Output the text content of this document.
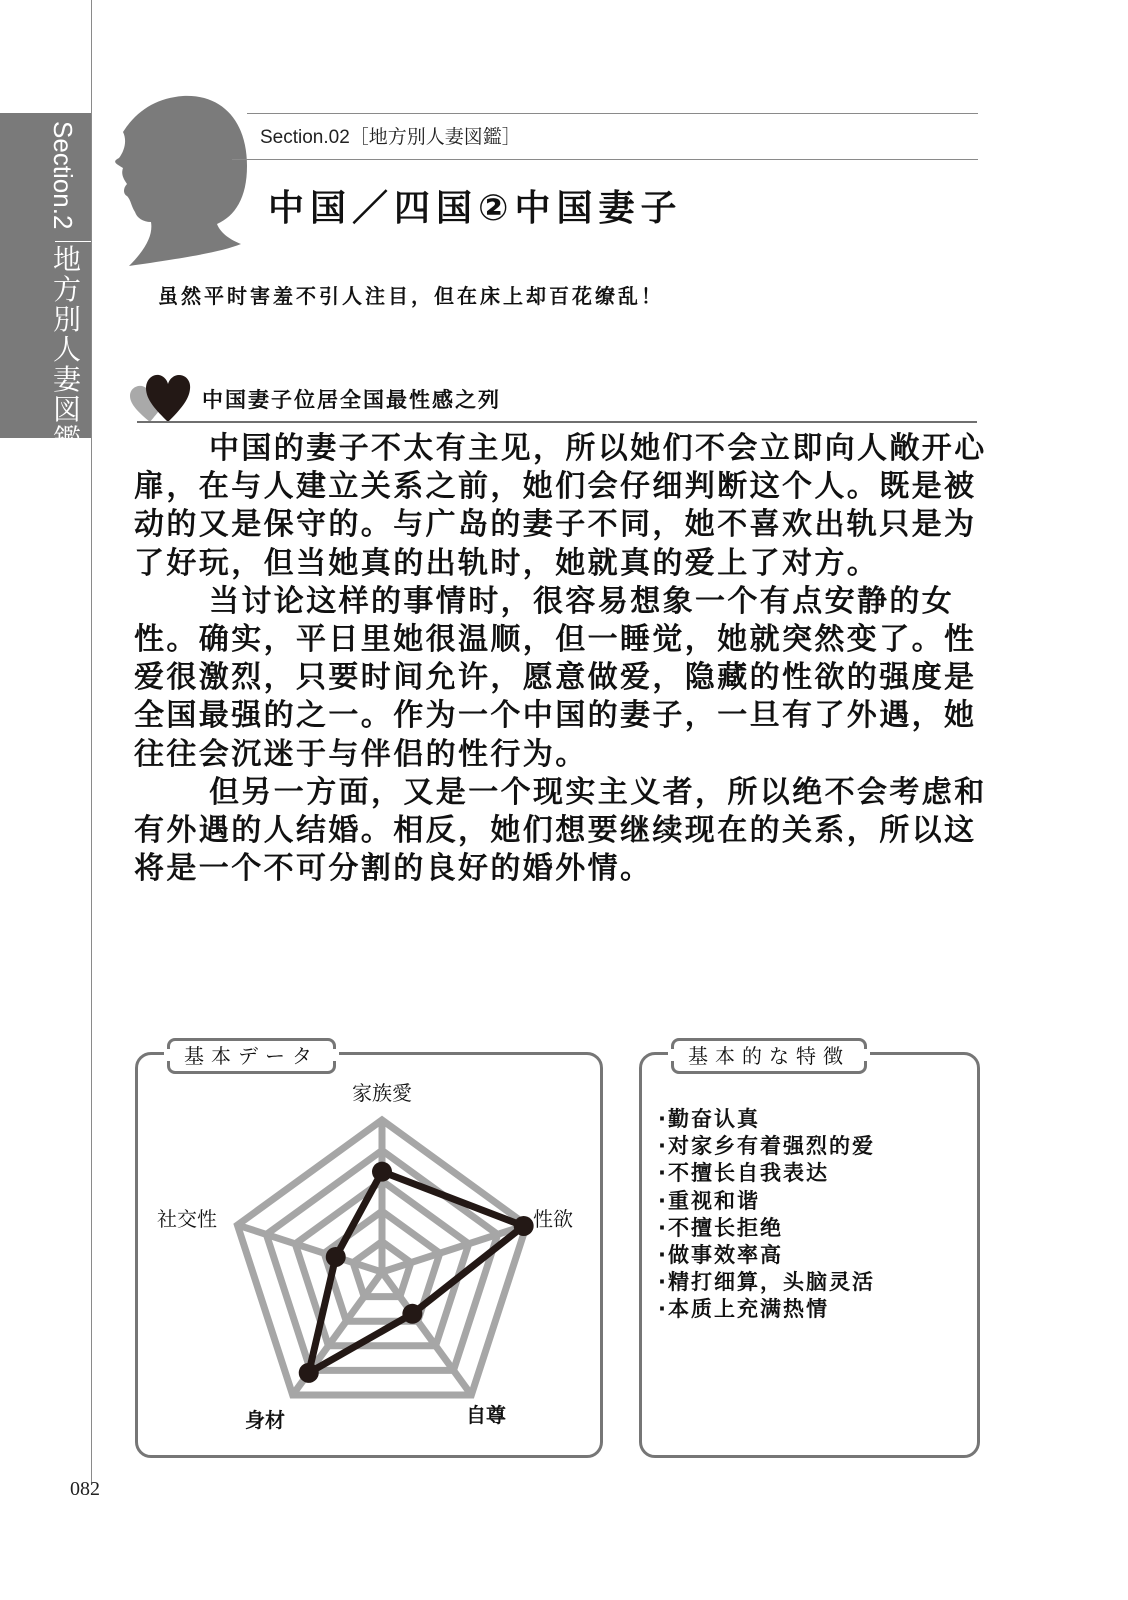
Section.2
地方別人妻図鑑
Section.02［地方別人妻図鑑］
中国／四国②中国妻子
虽然平时害羞不引人注目，但在床上却百花缭乱！
中国妻子位居全国最性感之列

中国的妻子不太有主见，所以她们不会立即向人敞开心扉，在与人建立关系之前，她们会仔细判断这个人。既是被动的又是保守的。与广岛的妻子不同，她不喜欢出轨只是为了好玩，但当她真的出轨时，她就真的爱上了对方。

当讨论这样的事情时，很容易想象一个有点安静的女性。确实，平日里她很温顺，但一睡觉，她就突然变了。性爱很激烈，只要时间允许，愿意做爱，隐藏的性欲的强度是全国最强的之一。作为一个中国的妻子，一旦有了外遇，她往往会沉迷于与伴侣的性行为。

但另一方面，又是一个现实主义者，所以绝不会考虑和有外遇的人结婚。相反，她们想要继续现在的关系，所以这将是一个不可分割的良好的婚外情。

基本データ
家族愛
性欲
自尊
身材
社交性
基本的な特徴
·勤奋认真
·对家乡有着强烈的爱
·不擅长自我表达
·重视和谐
·不擅长拒绝
·做事效率高
·精打细算，头脑灵活
·本质上充满热情
082
